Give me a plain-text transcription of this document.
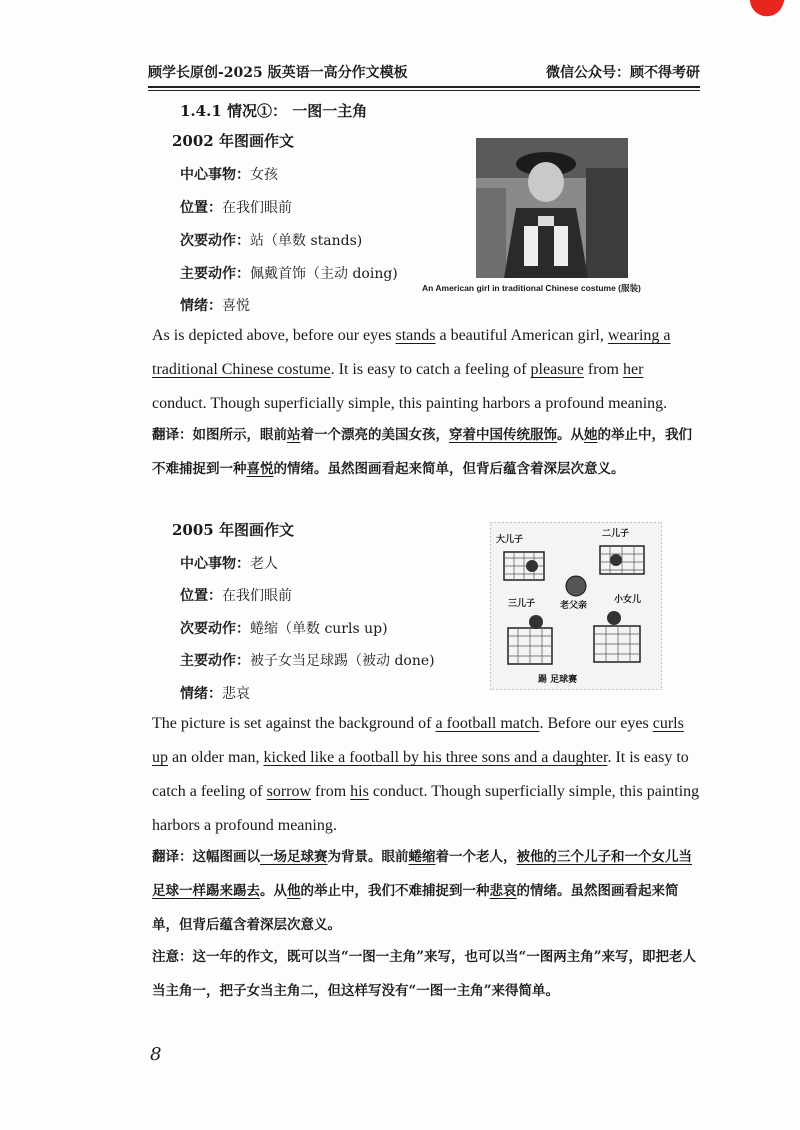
顾学长原创-2025 版英语一高分作文模板	微信公众号：顾不得考研
1.4.1 情况①： 一图一主角
2002 年图画作文
中心事物：女孩
位置：在我们眼前
次要动作：站（单数 stands)
主要动作：佩戴首饰（主动 doing)
情绪：喜悦
An American girl in traditional Chinese costume (服装)
As is depicted above, before our eyes stands a beautiful American girl, wearing a traditional Chinese costume. It is easy to catch a feeling of pleasure from her conduct. Though superficially simple, this painting harbors a profound meaning.
翻译：如图所示，眼前站着一个漂亮的美国女孩，穿着中国传统服饰。从她的举止中，我们不难捕捉到一种喜悦的情绪。虽然图画看起来简单，但背后蕴含着深层次意义。
2005 年图画作文
中心事物：老人
位置：在我们眼前
次要动作：蜷缩（单数 curls up)
主要动作：被子女当足球踢（被动 done)
情绪：悲哀
大儿子
二儿子
三儿子	老父亲
小女儿
踢 足球赛
The picture is set against the background of a football match. Before our eyes curls up an older man, kicked like a football by his three sons and a daughter. It is easy to catch a feeling of sorrow from his conduct. Though superficially simple, this painting harbors a profound meaning.
翻译：这幅图画以一场足球赛为背景。眼前蜷缩着一个老人，被他的三个儿子和一个女儿当足球一样踢来踢去。从他的举止中，我们不难捕捉到一种悲哀的情绪。虽然图画看起来简单，但背后蕴含着深层次意义。
注意：这一年的作文，既可以当“一图一主角”来写，也可以当“一图两主角”来写，即把老人当主角一，把子女当主角二，但这样写没有“一图一主角”来得简单。
8
